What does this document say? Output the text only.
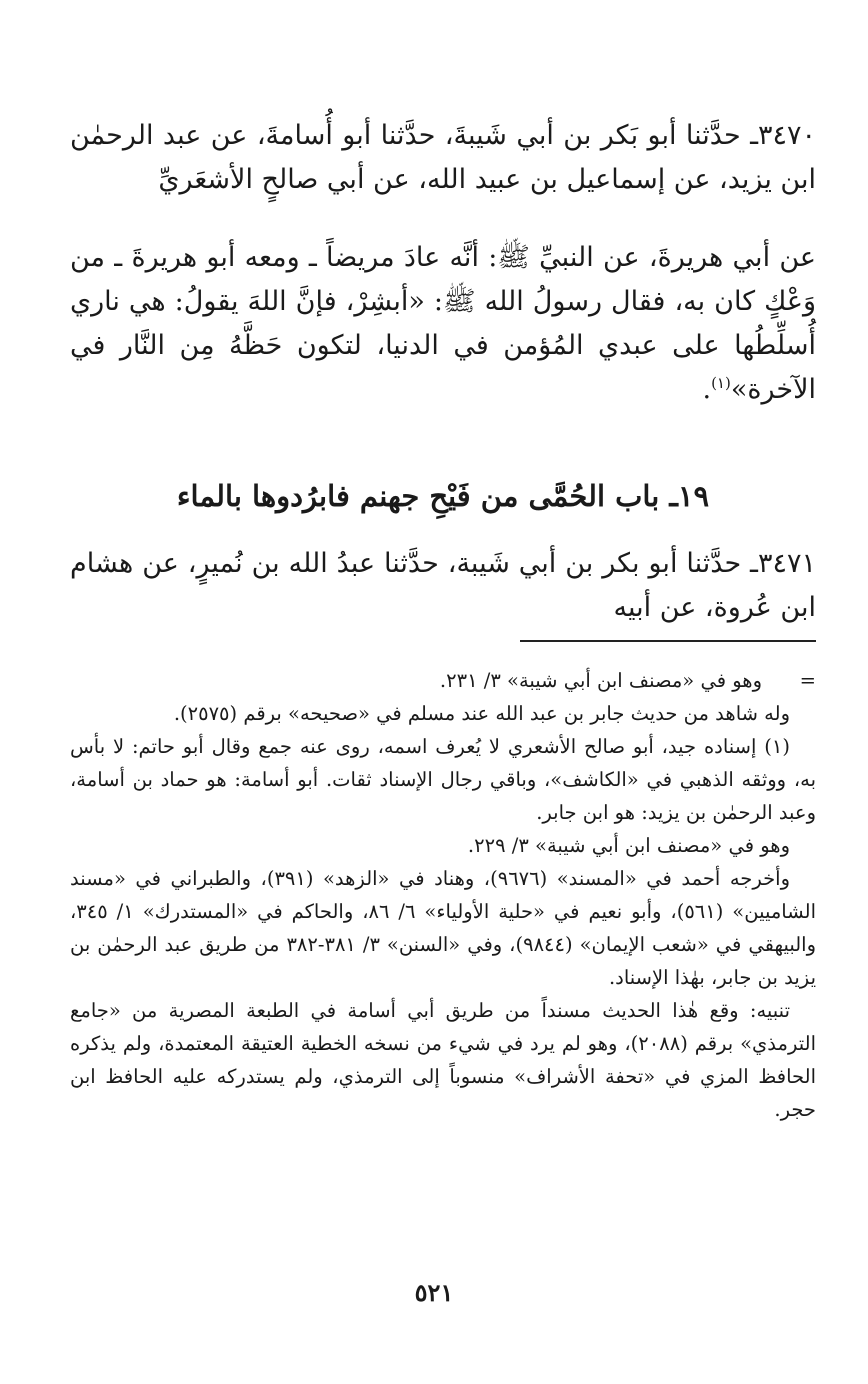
٣٤٧٠ـ حدَّثنا أبو بَكر بن أبي شَيبةَ، حدَّثنا أبو أُسامةَ، عن عبد الرحمٰن ابن يزيد، عن إسماعيل بن عبيد الله، عن أبي صالحٍ الأشعَريِّ

عن أبي هريرةَ، عن النبيِّ ﷺ: أنَّه عادَ مريضاً ـ ومعه أبو هريرةَ ـ من وَعْكٍ كان به، فقال رسولُ الله ﷺ: «أبشِرْ، فإنَّ اللهَ يقولُ: هي ناري أُسلِّطُها على عبدي المُؤمن في الدنيا، لتكون حَظَّهُ مِن النَّار في الآخرة»$^{(١)}$.

١٩ـ باب الحُمَّى من فَيْحِ جهنم فابرُدوها بالماء

٣٤٧١ـ حدَّثنا أبو بكر بن أبي شَيبة، حدَّثنا عبدُ الله بن نُميرٍ، عن هشام ابن عُروة، عن أبيه

=

وهو في «مصنف ابن أبي شيبة» ٣/ ٢٣١.

وله شاهد من حديث جابر بن عبد الله عند مسلم في «صحيحه» برقم (٢٥٧٥).

(١) إسناده جيد، أبو صالح الأشعري لا يُعرف اسمه، روى عنه جمع وقال أبو حاتم: لا بأس به، ووثقه الذهبي في «الكاشف»، وباقي رجال الإسناد ثقات. أبو أسامة: هو حماد بن أسامة، وعبد الرحمٰن بن يزيد: هو ابن جابر.

وهو في «مصنف ابن أبي شيبة» ٣/ ٢٢٩.

وأخرجه أحمد في «المسند» (٩٦٧٦)، وهناد في «الزهد» (٣٩١)، والطبراني في «مسند الشاميين» (٥٦١)، وأبو نعيم في «حلية الأولياء» ٦/ ٨٦، والحاكم في «المستدرك» ١/ ٣٤٥، والبيهقي في «شعب الإيمان» (٩٨٤٤)، وفي «السنن» ٣/ ٣٨١-٣٨٢ من طريق عبد الرحمٰن بن يزيد بن جابر، بهٰذا الإسناد.

تنبيه: وقع هٰذا الحديث مسنداً من طريق أبي أسامة في الطبعة المصرية من «جامع الترمذي» برقم (٢٠٨٨)، وهو لم يرد في شيء من نسخه الخطية العتيقة المعتمدة، ولم يذكره الحافظ المزي في «تحفة الأشراف» منسوباً إلى الترمذي، ولم يستدركه عليه الحافظ ابن حجر.

٥٢١
